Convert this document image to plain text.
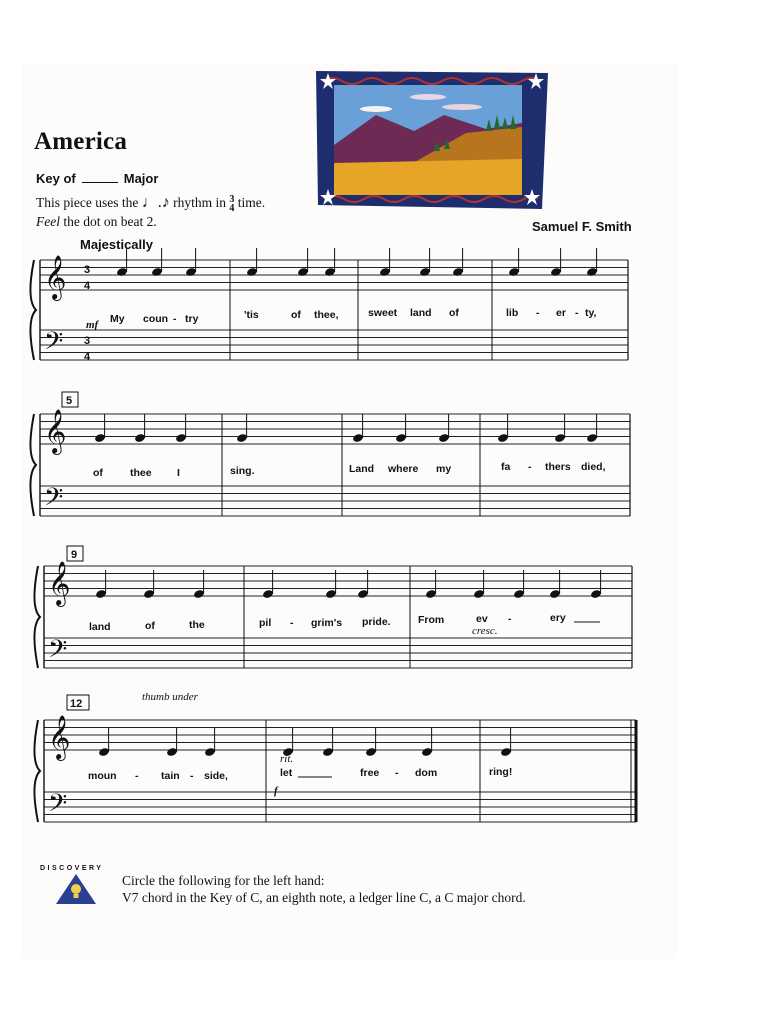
America
Key of	Major
This piece uses the ♩.♪ rhythm in 3
4 time.
Feel the dot on beat 2.	Samuel F. Smith
Majestically
𝄞
𝄢
𝄞
𝄢
𝄞
𝄢
𝄞
𝄢
5
9
12
3
4
3
4
mf
f
cresc.
rit.
thumb under
My coun - try	'tis	of thee,	sweet land of	lib - er - ty,
of	thee I	sing.	Land where my	fa - thers died,
land	of	the	pil - grim's pride.	From	ev -	ery
moun - tain - side,	let	free - dom	ring!
DISCOVERY
Circle the following for the left hand:
V7 chord in the Key of C, an eighth note, a ledger line C, a C major chord.
